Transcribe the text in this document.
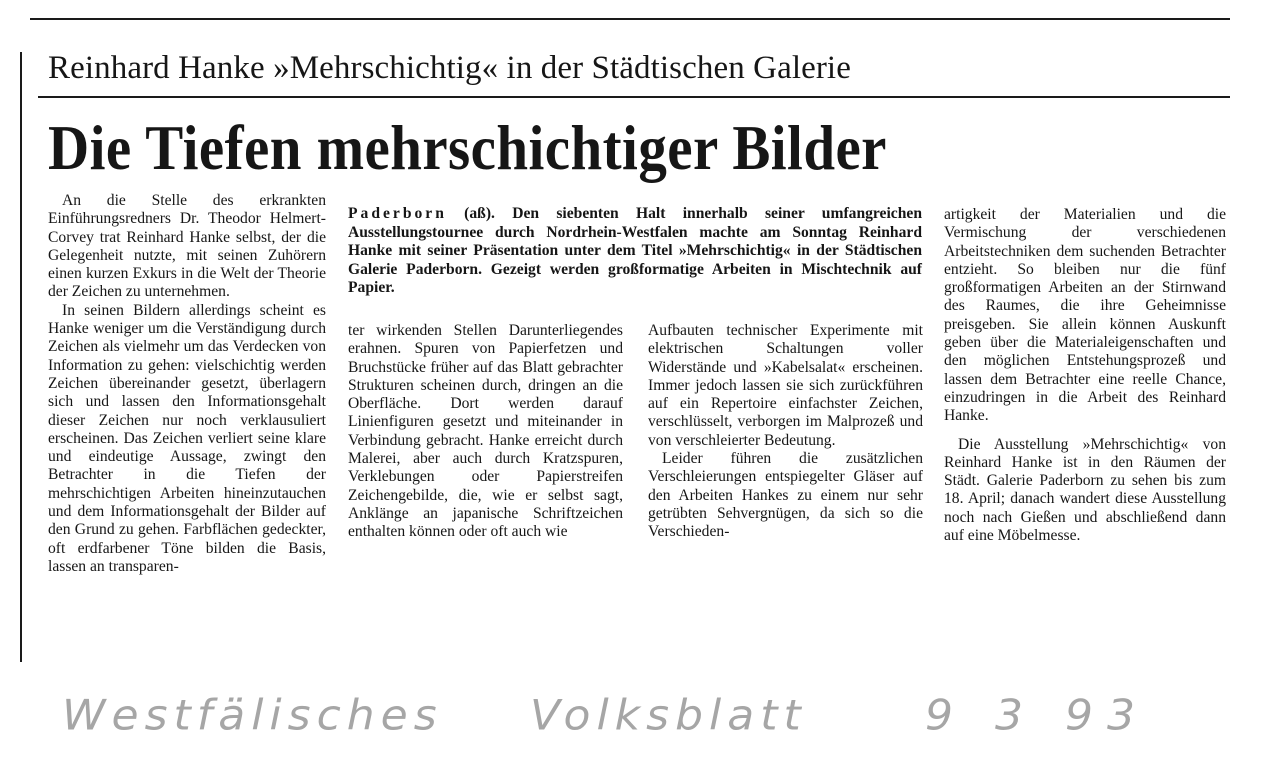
Reinhard Hanke »Mehrschichtig« in der Städtischen Galerie
Die Tiefen mehrschichtiger Bilder

An die Stelle des erkrankten Einführungsredners Dr. Theodor Helmert-Corvey trat Reinhard Hanke selbst, der die Gelegenheit nutzte, mit seinen Zuhörern einen kurzen Exkurs in die Welt der Theorie der Zeichen zu unternehmen.

In seinen Bildern allerdings scheint es Hanke weniger um die Verständigung durch Zeichen als vielmehr um das Verdecken von Information zu gehen: vielschichtig werden Zeichen übereinander gesetzt, überlagern sich und lassen den Informationsgehalt dieser Zeichen nur noch verklausuliert erscheinen. Das Zeichen verliert seine klare und eindeutige Aussage, zwingt den Betrachter in die Tiefen der mehrschichtigen Arbeiten hineinzutauchen und dem Informationsgehalt der Bilder auf den Grund zu gehen. Farbflächen gedeckter, oft erdfarbener Töne bilden die Basis, lassen an transparen-

Paderborn (aß). Den siebenten Halt innerhalb seiner umfangreichen Ausstellungstournee durch Nordrhein-Westfalen machte am Sonntag Reinhard Hanke mit seiner Präsentation unter dem Titel »Mehrschichtig« in der Städtischen Galerie Paderborn. Gezeigt werden großformatige Arbeiten in Mischtechnik auf Papier.

ter wirkenden Stellen Darunterliegendes erahnen. Spuren von Papierfetzen und Bruchstücke früher auf das Blatt gebrachter Strukturen scheinen durch, dringen an die Oberfläche. Dort werden darauf Linienfiguren gesetzt und miteinander in Verbindung gebracht. Hanke erreicht durch Malerei, aber auch durch Kratzspuren, Verklebungen oder Papierstreifen Zeichengebilde, die, wie er selbst sagt, Anklänge an japanische Schriftzeichen enthalten können oder oft auch wie

Aufbauten technischer Experimente mit elektrischen Schaltungen voller Widerstände und »Kabelsalat« erscheinen. Immer jedoch lassen sie sich zurückführen auf ein Repertoire einfachster Zeichen, verschlüsselt, verborgen im Malprozeß und von verschleierter Bedeutung.

Leider führen die zusätzlichen Verschleierungen entspiegelter Gläser auf den Arbeiten Hankes zu einem nur sehr getrübten Sehvergnügen, da sich so die Verschieden-

artigkeit der Materialien und die Vermischung der verschiedenen Arbeitstechniken dem suchenden Betrachter entzieht. So bleiben nur die fünf großformatigen Arbeiten an der Stirnwand des Raumes, die ihre Geheimnisse preisgeben. Sie allein können Auskunft geben über die Materialeigenschaften und den möglichen Entstehungsprozeß und lassen dem Betrachter eine reelle Chance, einzudringen in die Arbeit des Reinhard Hanke.

Die Ausstellung »Mehrschichtig« von Reinhard Hanke ist in den Räumen der Städt. Galerie Paderborn zu sehen bis zum 18. April; danach wandert diese Ausstellung noch nach Gießen und abschließend dann auf eine Möbelmesse.

Westfälisches Volksblatt	9 3 93
